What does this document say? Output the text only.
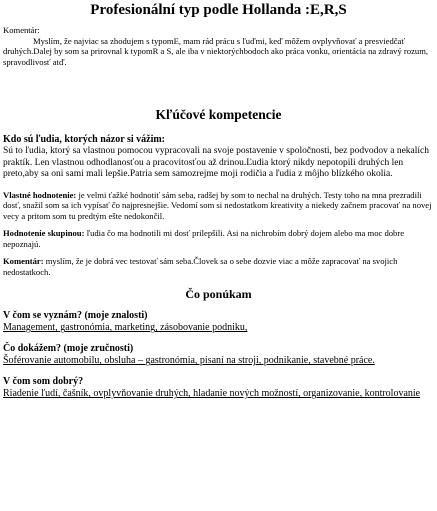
Profesionální typ podle Hollanda :E,R,S

Komentár:

Myslím, že najviac sa zhodujem s typomE, mam rád prácu s ľuďmi, keď môžem ovplyvňovať a presviedčať druhých.Dalej by som sa prirovnal k typomR a S, ale iba v niektorýchbodoch ako práca vonku, orientácia na zdravý rozum, spravodlivosť atď.

Kľúčové kompetencie

Kdo sú ľudia, ktorých názor si vážim:

Sú to ľudia, ktorý sa vlastnou pomocou vypracovali na svoje postavenie v spoločnosti, bez podvodov a nekalích praktík. Len vlastnou odhodlanosťou a pracovitosťou až drinou.Ľudia ktorý nikdy nepotopili druhých len preto,aby sa oni sami mali lepšie.Patria sem samozrejme moji rodičia a ľudia z môjho blízkého okolia.

Vlastné hodnotenie: je velmi ťažké hodnotiť sám seba, radšej by som to nechal na druhých. Testy toho na mna prezradili dosť, snažil som sa ich vypísať čo najpresnejšie. Vedomí som si nedostatkom kreativity a niekedy začnem pracovať na novej vecy a pritom som tu predtým ešte nedokončil.

Hodnotenie skupinou: ľudia čo ma hodnotili mi dosť prilepšili. Asi na nichrobím dobrý dojem alebo ma moc dobre nepoznajú.

Komentár: myslím, že je dobrá vec testovať sám seba.Človek sa o sebe dozvie viac a môže zapracovať na svojich nedostatkoch.

Čo ponúkam

V čom se vyznám? (moje znalosti)

Management, gastronómia, marketing, zásobovanie podniku,

Čo dokážem? (moje zručnosti)

Šoférovanie automobilu, obsluha – gastronómia, písaní na stroji, podnikanie, stavebné práce.

V čom som dobrý?

Riadenie ľudí, čašník, ovplyvňovanie druhých, hladanie nových možností, organizovanie, kontrolovanie
